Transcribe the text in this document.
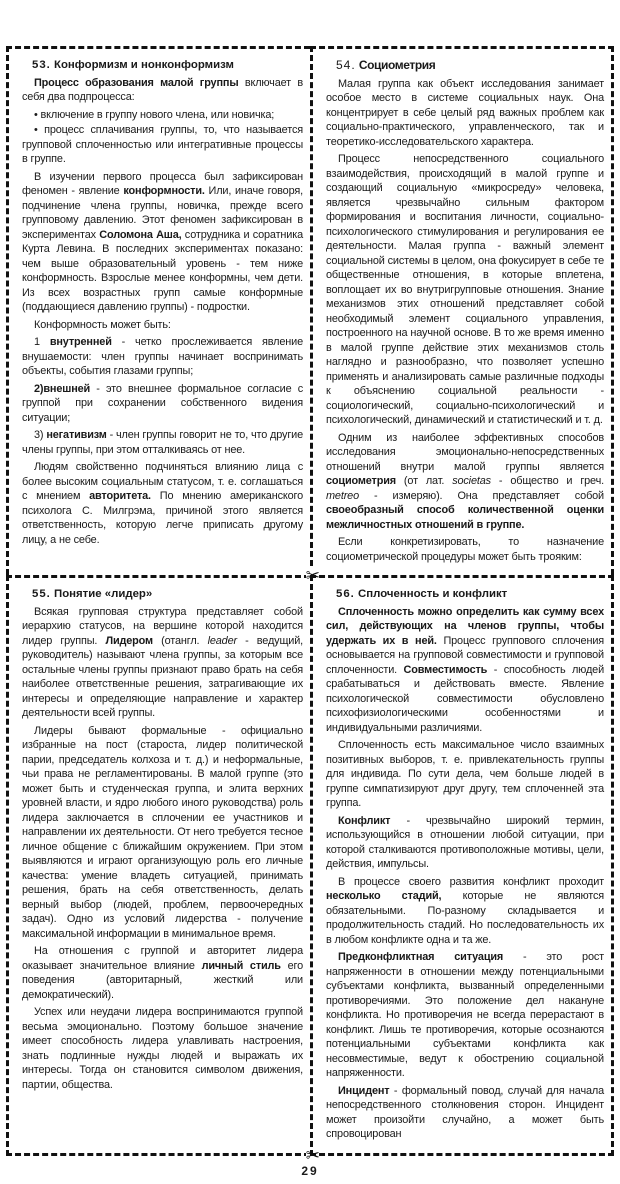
53. Конформизм и нонконформизм

Процесс образования малой группы включает в себя два подпроцесса:

• включение в группу нового члена, или новичка;

• процесс сплачивания группы, то, что называется групповой сплоченностью или интегративные процессы в группе.

В изучении первого процесса был зафиксирован феномен - явление конформности. Или, иначе говоря, подчинение члена группы, новичка, прежде всего групповому давлению. Этот феномен зафиксирован в экспериментах Соломона Аша, сотрудника и соратника Курта Левина. В последних экспериментах показано: чем выше образовательный уровень - тем ниже конформность. Взрослые менее конформны, чем дети. Из всех возрастных групп самые конформные (поддающиеся давлению группы) - подростки.

Конформность может быть:

1 внутренней - четко прослеживается явление внушаемости: член группы начинает воспринимать объекты, события глазами группы;

2)внешней - это внешнее формальное согласие с группой при сохранении собственного видения ситуации;

3) негативизм - член группы говорит не то, что другие члены группы, при этом отталкиваясь от нее.

Людям свойственно подчиняться влиянию лица с более высоким социальным статусом, т. е. соглашаться с мнением авторитета. По мнению американского психолога С. Милгрэма, причиной этого является ответственность, которую легче приписать другому лицу, а не себе.

54. Социометрия

Малая группа как объект исследования занимает особое место в системе социальных наук. Она концентрирует в себе целый ряд важных проблем как социально-практического, управленческого, так и теоретико-исследовательского характера.

Процесс непосредственного социального взаимодействия, происходящий в малой группе и создающий социальную «микросреду» человека, является чрезвычайно сильным фактором формирования и воспитания личности, социально-психологического стимулирования и регулирования ее деятельности. Малая группа - важный элемент социальной системы в целом, она фокусирует в себе те общественные отношения, в которые вплетена, воплощает их во внутригрупповые отношения. Знание механизмов этих отношений представляет собой необходимый элемент социального управления, построенного на научной основе. В то же время именно в малой группе действие этих механизмов столь наглядно и разнообразно, что позволяет успешно применять и анализировать самые различные подходы к объяснению социальной реальности - социологический, социально-психологический и психологический, динамический и статистический и т. д.

Одним из наиболее эффективных способов исследования эмоционально-непосредственных отношений внутри малой группы является социометрия (от лат. societas - общество и греч. metreo - измеряю). Она представляет собой своеобразный способ количественной оценки межличностных отношений в группе.

Если конкретизировать, то назначение социометрической процедуры может быть трояким:

✂
✂
55. Понятие «лидер»

Всякая групповая структура представляет собой иерархию статусов, на вершине которой находится лидер группы. Лидером (отангл. leader - ведущий, руководитель) называют члена группы, за которым все остальные члены группы признают право брать на себя наиболее ответственные решения, затрагивающие их интересы и определяющие направление и характер деятельности всей группы.

Лидеры бывают формальные - официально избранные на пост (староста, лидер политической парии, председатель колхоза и т. д.) и неформальные, чьи права не регламентированы. В малой группе (это может быть и студенческая группа, и элита верхних уровней власти, и ядро любого иного руководства) роль лидера заключается в сплочении ее участников и направлении их деятельности. От него требуется тесное личное общение с ближайшим окружением. При этом выявляются и играют организующую роль его личные качества: умение владеть ситуацией, принимать решения, брать на себя ответственность, делать верный выбор (людей, проблем, первоочередных задач). Одно из условий лидерства - получение максимальной информации в минимальное время.

На отношения с группой и авторитет лидера оказывает значительное влияние личный стиль его поведения (авторитарный, жесткий или демократический).

Успех или неудачи лидера воспринимаются группой весьма эмоционально. Поэтому большое значение имеет способность лидера улавливать настроения, знать подлинные нужды людей и выражать их интересы. Тогда он становится символом движения, партии, общества.

56. Сплоченность и конфликт

Сплоченность можно определить как сумму всех сил, действующих на членов группы, чтобы удержать их в ней. Процесс группового сплочения основывается на групповой совместимости и групповой сплоченности. Совместимость - способность людей срабатываться и действовать вместе. Явление психологической совместимости обусловлено психофизиологическими особенностями и индивидуальными различиями.

Сплоченность есть максимальное число взаимных позитивных выборов, т. е. привлекательность группы для индивида. По сути дела, чем больше людей в группе симпатизируют друг другу, тем сплоченней эта группа.

Конфликт - чрезвычайно широкий термин, использующийся в отношении любой ситуации, при которой сталкиваются противоположные мотивы, цели, действия, импульсы.

В процессе своего развития конфликт проходит несколько стадий, которые не являются обязательными. По-разному складывается и продолжительность стадий. Но последовательность их в любом конфликте одна и та же.

Предконфликтная ситуация - это рост напряженности в отношении между потенциальными субъектами конфликта, вызванный определенными противоречиями. Это положение дел накануне конфликта. Но противоречия не всегда перерастают в конфликт. Лишь те противоречия, которые осознаются потенциальными субъектами конфликта как несовместимые, ведут к обострению социальной напряженности.

Инцидент - формальный повод, случай для начала непосредственного столкновения сторон. Инцидент может произойти случайно, а может быть спровоцирован

29
